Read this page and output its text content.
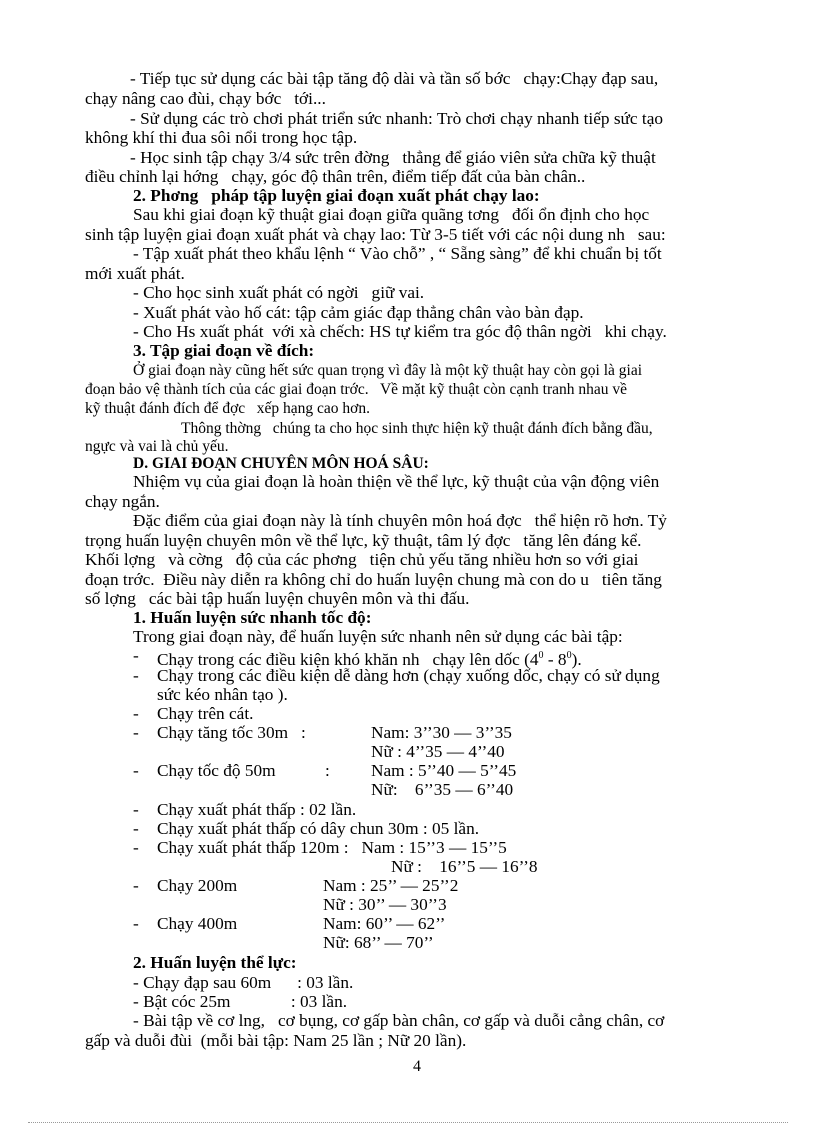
- Tiếp tục sử dụng các bài tập tăng độ dài và tần số bớc   chạy:Chạy đạp sau,
chạy nâng cao đùi, chạy bớc   tới...
- Sử dụng các trò chơi phát triển sức nhanh: Trò chơi chạy nhanh tiếp sức tạo
không khí thi đua sôi nổi trong học tập.
- Học sinh tập chạy 3/4 sức trên đờng   thẳng để giáo viên sửa chữa kỹ thuật
điều chỉnh lại hớng   chạy, góc độ thân trên, điểm tiếp đất của bàn chân..
2. Phơng   pháp tập luyện giai đoạn xuất phát chạy lao:
Sau khi giai đoạn kỹ thuật giai đoạn giữa quãng tơng   đối ổn định cho học
sinh tập luyện giai đoạn xuất phát và chạy lao: Từ 3-5 tiết với các nội dung nh   sau:
- Tập xuất phát theo khẩu lệnh “ Vào chỗ” , “ Sẵng sàng” để khi chuẩn bị tốt
mới xuất phát.
- Cho học sinh xuất phát có ngời   giữ vai.
- Xuất phát vào hố cát: tập cảm giác đạp thẳng chân vào bàn đạp.
- Cho Hs xuất phát  với xà chếch: HS tự kiểm tra góc độ thân ngời   khi chạy.
3. Tập giai đoạn về đích:
Ở giai đoạn này cũng hết sức quan trọng vì đây là một kỹ thuật hay còn gọi là giai
đoạn bảo vệ thành tích của các giai đoạn trớc.   Về mặt kỹ thuật còn cạnh tranh nhau về
kỹ thuật đánh đích để đợc   xếp hạng cao hơn.
Thông thờng   chúng ta cho học sinh thực hiện kỹ thuật đánh đích bằng đầu,
ngực và vai là chủ yếu.
D. GIAI ĐOẠN CHUYÊN MÔN HOÁ SÂU:
Nhiệm vụ của giai đoạn là hoàn thiện về thể lực, kỹ thuật của vận động viên
chạy ngắn.
Đặc điểm của giai đoạn này là tính chuyên môn hoá đợc   thể hiện rõ hơn. Tỷ
trọng huấn luyện chuyên môn về thể lực, kỹ thuật, tâm lý đợc   tăng lên đáng kể.
Khối lợng   và cờng   độ của các phơng   tiện chủ yếu tăng nhiều hơn so với giai
đoạn trớc.  Điều này diễn ra không chỉ do huấn luyện chung mà con do u   tiên tăng
số lợng   các bài tập huấn luyện chuyên môn và thi đấu.
1. Huấn luyện sức nhanh tốc độ:
Trong giai đoạn này, để huấn luyện sức nhanh nên sử dụng các bài tập:
- Chạy trong các điều kiện khó khăn nh   chạy lên dốc $(4^0 - 8^0)$.
- Chạy trong các điều kiện dễ dàng hơn (chạy xuống dốc, chạy có sử dụng
sức kéo nhân tạo ).
- Chạy trên cát.
- Chạy tăng tốc 30m   :	Nam: 3’’30 — 3’’35
Nữ : 4’’35 — 4’’40
- Chạy tốc độ 50m	: Nam : 5’’40 — 5’’45
Nữ:    6’’35 — 6’’40
- Chạy xuất phát thấp : 02 lần.
- Chạy xuất phát thấp có dây chun 30m : 05 lần.
- Chạy xuất phát thấp 120m :   Nam : 15’’3 — 15’’5
Nữ :    16’’5 — 16’’8
- Chạy 200m	Nam : 25’’ — 25’’2
Nữ : 30’’ — 30’’3
- Chạy 400m	Nam: 60’’ — 62’’
Nữ: 68’’ — 70’’
2. Huấn luyện thể lực:
- Chạy đạp sau 60m      : 03 lần.
- Bật cóc 25m              : 03 lần.
- Bài tập về cơ lng,   cơ bụng, cơ gấp bàn chân, cơ gấp và duỗi cẳng chân, cơ
gấp và duỗi đùi  (mỗi bài tập: Nam 25 lần ; Nữ 20 lần).
4
